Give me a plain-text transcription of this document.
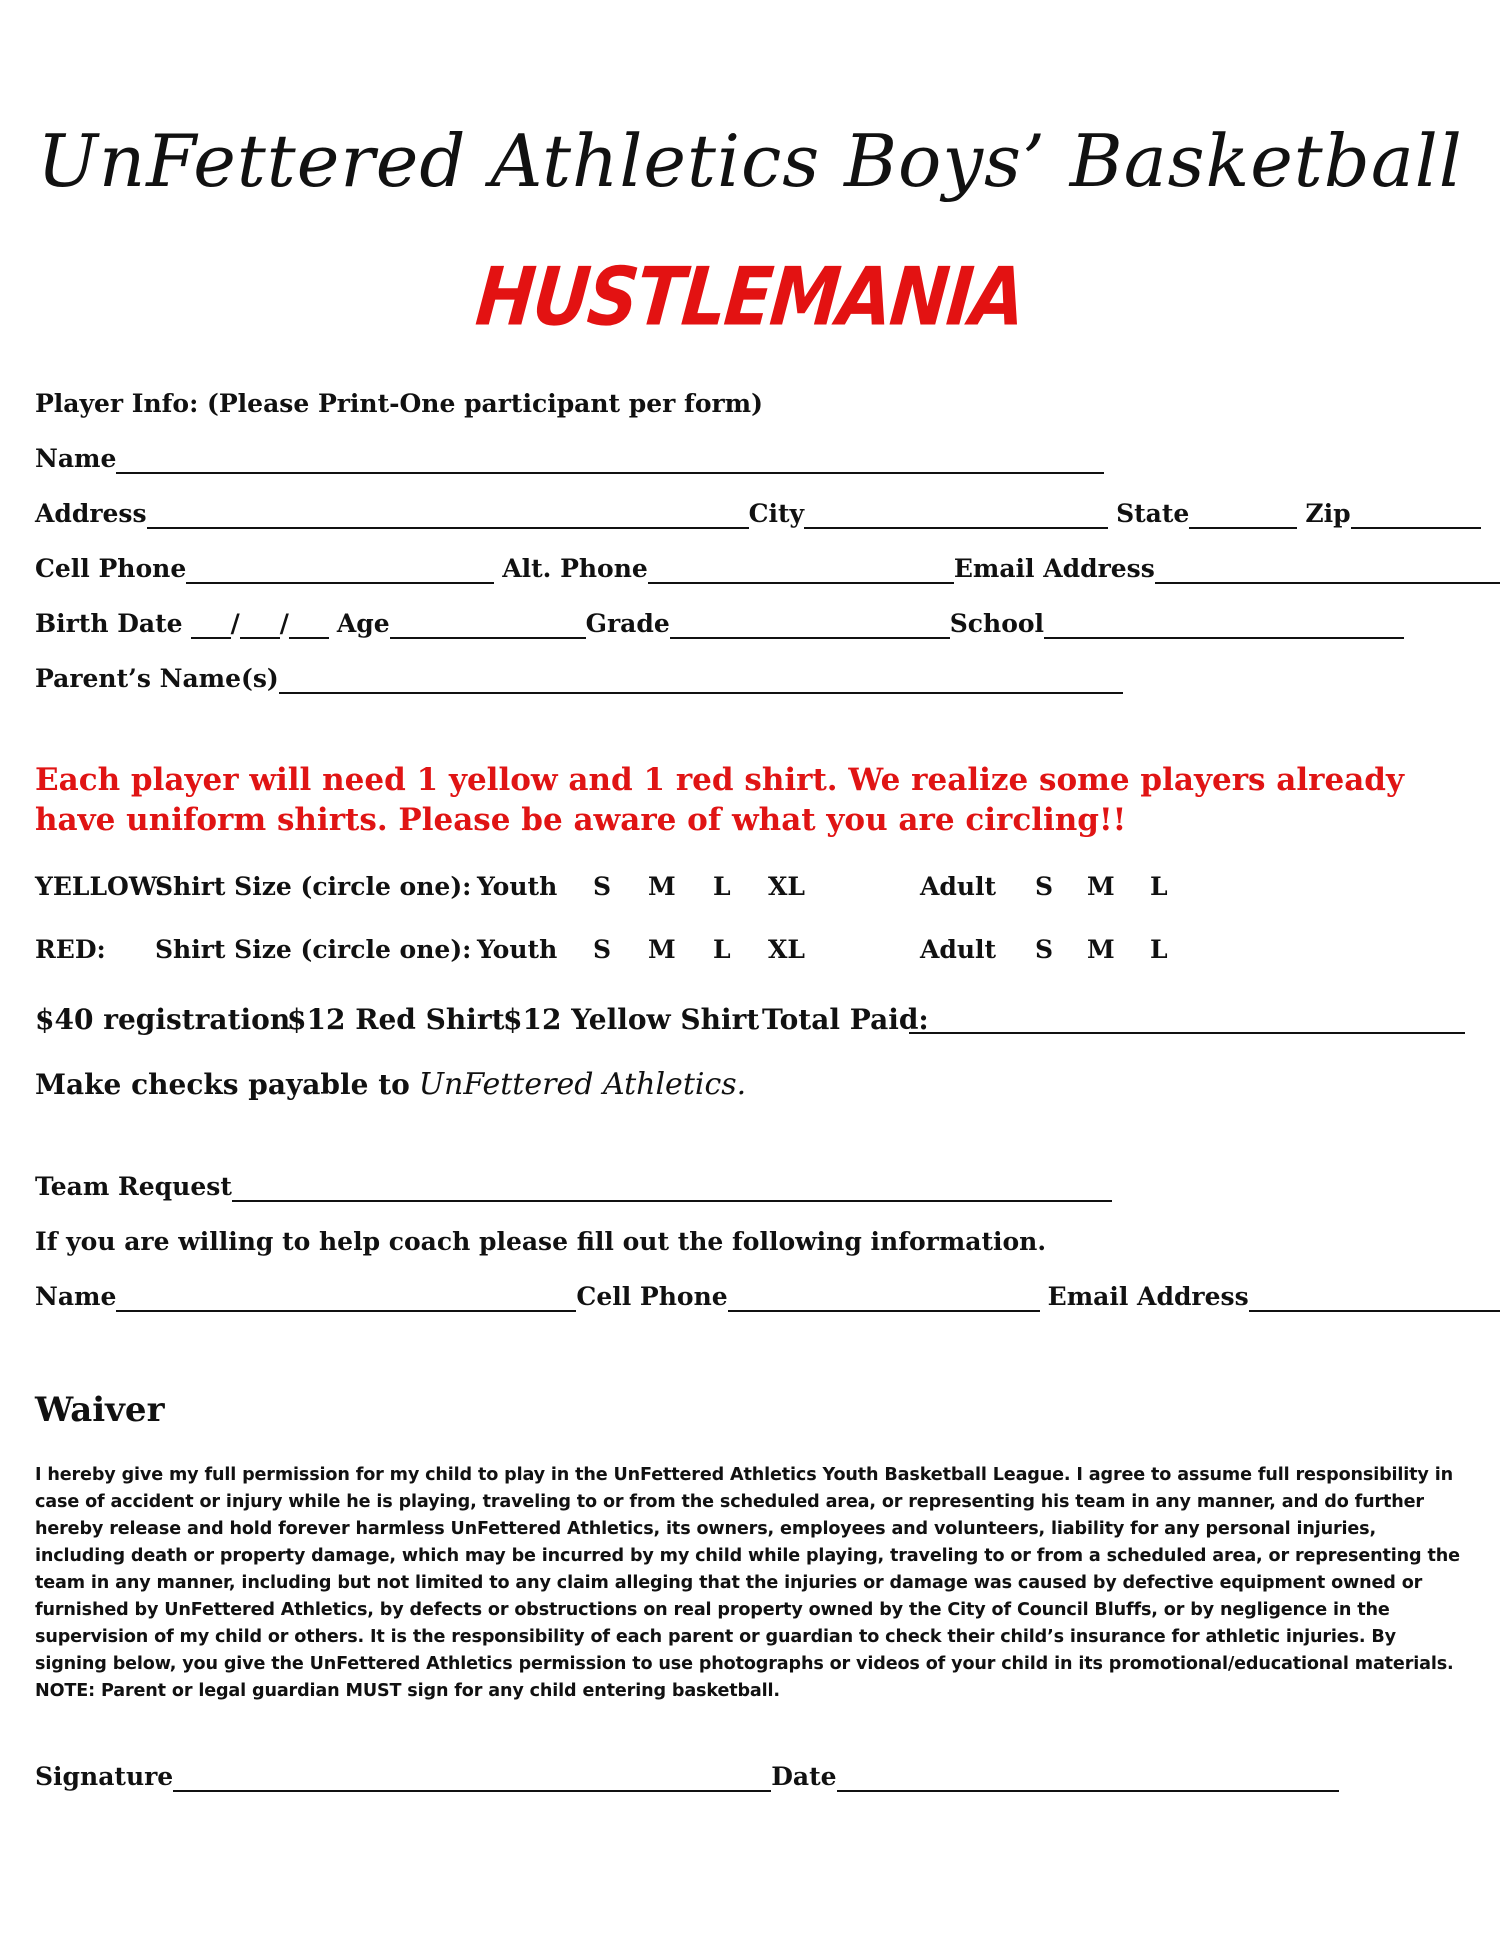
UnFettered Athletics Boys’ Basketball
HUSTLEMANIA
Player Info: (Please Print-One participant per form)
Name
Address	City	State	Zip
Cell Phone	Alt. Phone	Email Address
Birth Date / / Age	Grade	School
Parent’s Name(s)
Each player will need 1 yellow and 1 red shirt. We realize some players already have uniform shirts. Please be aware of what you are circling!!
YELLOW:
Shirt Size (circle one): Youth S M L XL	Adult S M L
RED: Shirt Size (circle one): Youth S M L XL	Adult S M L
$40 registration
$12 Red Shirt
$12 Yellow Shirt Total Paid:
Make checks payable to UnFettered Athletics.
Team Request
If you are willing to help coach please fill out the following information.
Name	Cell Phone	Email Address
Waiver

I hereby give my full permission for my child to play in the UnFettered Athletics Youth Basketball League. I agree to assume full responsibility in case of accident or injury while he is playing, traveling to or from the scheduled area, or representing his team in any manner, and do further hereby release and hold forever harmless UnFettered Athletics, its owners, employees and volunteers, liability for any personal injuries, including death or property damage, which may be incurred by my child while playing, traveling to or from a scheduled area, or representing the team in any manner, including but not limited to any claim alleging that the injuries or damage was caused by defective equipment owned or furnished by UnFettered Athletics, by defects or obstructions on real property owned by the City of Council Bluffs, or by negligence in the supervision of my child or others. It is the responsibility of each parent or guardian to check their child’s insurance for athletic injuries. By signing below, you give the UnFettered Athletics permission to use photographs or videos of your child in its promotional/educational materials.

NOTE: Parent or legal guardian MUST sign for any child entering basketball.

Signature	Date
